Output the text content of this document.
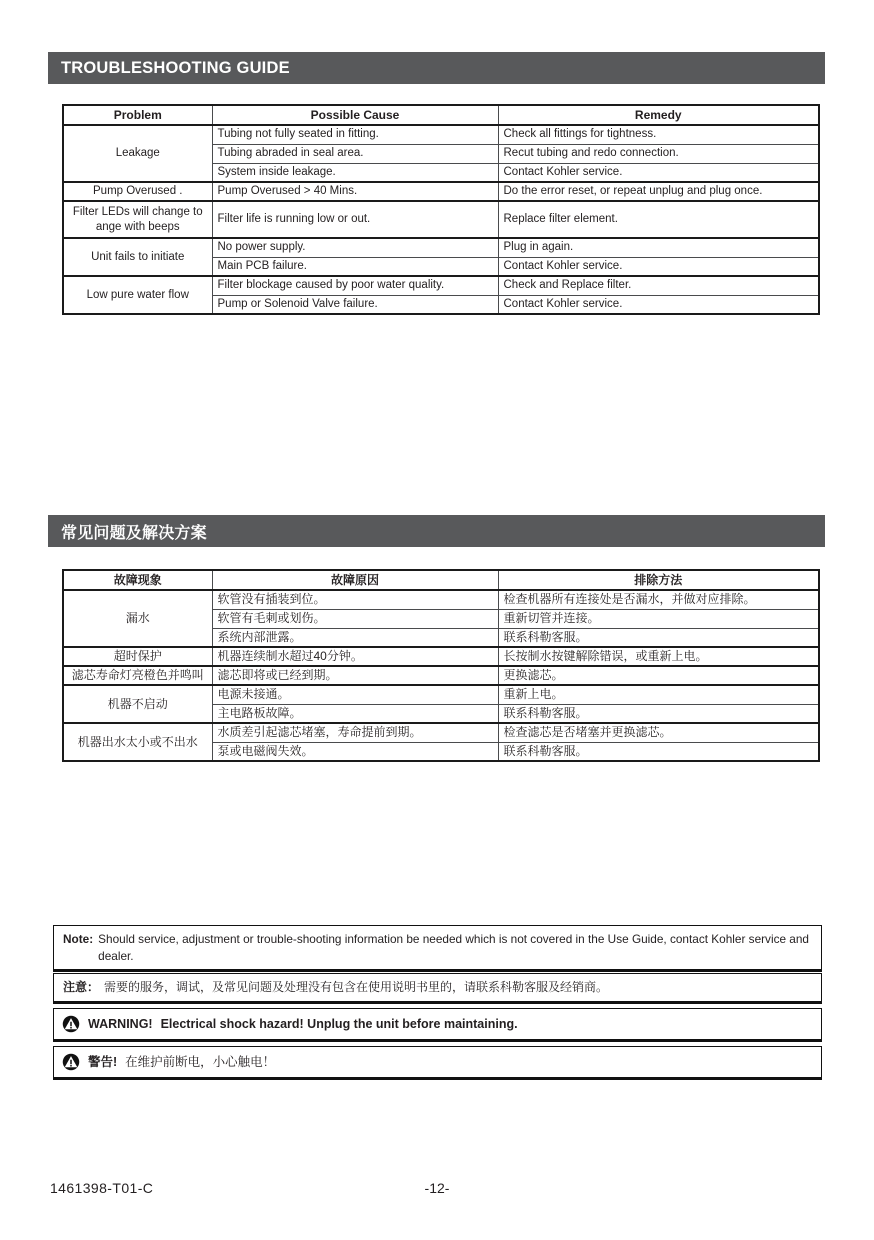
TROUBLESHOOTING GUIDE
Problem	Possible Cause	Remedy
Leakage	Tubing not fully seated in fitting.	Check all fittings for tightness.
	Tubing abraded in seal area.	Recut tubing and redo connection.
	System inside leakage.	Contact Kohler service.
Pump Overused .	Pump Overused > 40 Mins.	Do the error reset, or repeat unplug and plug once.
Filter LEDs will change to ange with beeps	Filter life is running low or out.	Replace filter element.
Unit fails to initiate	No power supply.	Plug in again.
	Main PCB failure.	Contact Kohler service.
Low pure water flow	Filter blockage caused by poor water quality.	Check and Replace filter.
	Pump or Solenoid Valve failure.	Contact Kohler service.
常见问题及解决方案
故障现象	故障原因	排除方法
漏水	软管没有插装到位。	检查机器所有连接处是否漏水，并做对应排除。
	软管有毛刺或划伤。	重新切管并连接。
	系统内部泄露。	联系科勒客服。
超时保护	机器连续制水超过40分钟。	长按制水按键解除错误，或重新上电。
滤芯寿命灯亮橙色并鸣叫	滤芯即将或已经到期。	更换滤芯。
机器不启动	电源未接通。	重新上电。
	主电路板故障。	联系科勒客服。
机器出水太小或不出水	水质差引起滤芯堵塞，寿命提前到期。	检查滤芯是否堵塞并更换滤芯。
	泵或电磁阀失效。	联系科勒客服。
Note: Should service, adjustment or trouble-shooting information be needed which is not covered in the Use Guide, contact Kohler service and dealer.
注意： 需要的服务，调试，及常见问题及处理没有包含在使用说明书里的，请联系科勒客服及经销商。
WARNING! Electrical shock hazard! Unplug the unit before maintaining.
警告! 在维护前断电，小心触电！
-12-
1461398-T01-C
